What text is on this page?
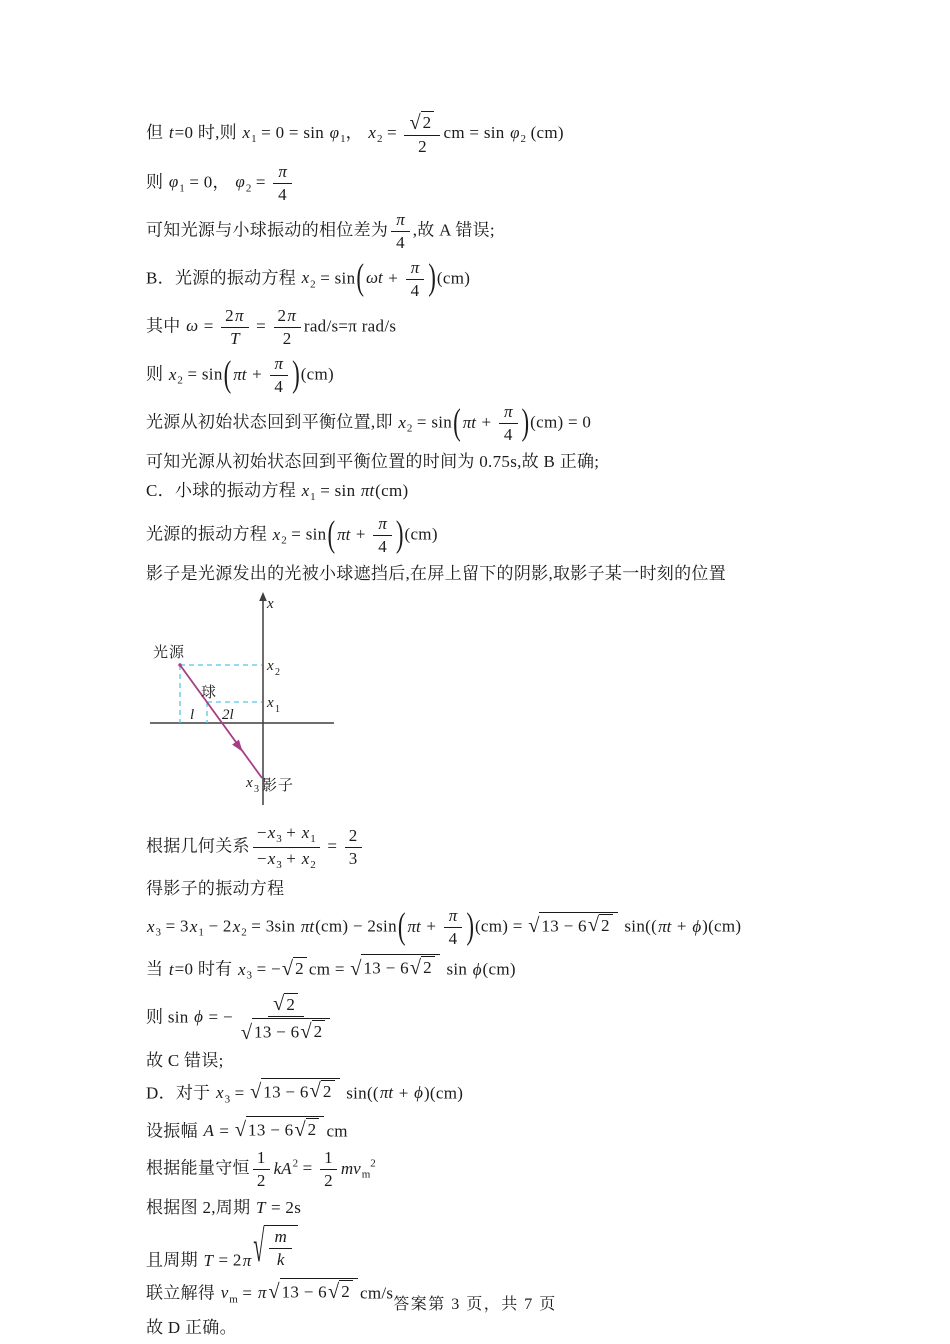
但 t=0 时,则 $x_1 = 0 = \sin \varphi_1$， $x_2 = \frac{√ 2}{2}$ cm = $\sin \varphi_2$ (cm)
则 $\varphi_1 = 0$， $\varphi_2 = \frac{\pi}{4}$
可知光源与小球振动的相位差为 $\frac{\pi}{4}$ ,故 A 错误;
B．光源的振动方程 $x_2 = \sin$( $\omega t + \frac{\pi}{4} )(cm)$
其中 $\omega = \frac{2\pi}{T} = \frac{2\pi}{2} rad/s=\pi$ rad/s
则 $x_2 = \sin$( $\pi t + \frac{\pi}{4} )(cm)$
光源从初始状态回到平衡位置,即 $x_2 = \sin$( $\pi t + \frac{\pi}{4} )(cm) = 0$
可知光源从初始状态回到平衡位置的时间为 0.75s,故 B 正确;
C．小球的振动方程 $x_1 = \sin \pi t(cm)$
光源的振动方程 $x_2 = \sin$( $\pi t + \frac{\pi}{4} )(cm)$
影子是光源发出的光被小球遮挡后,在屏上留下的阴影,取影子某一时刻的位置
光源
球
影子
x
x 2
x 1
x 3
l 2l
根据几何关系 $\frac{-x_3 + x_1}{-x_3 + x_2} = \frac{2}{3}$
得影子的振动方程
$x_3 = 3x_1 - 2x_2 = 3\sin$ πt(cm) − 2sin( $\pi t + \frac{\pi}{4} )(cm)$ = √ 13 − 6 √ 2 sin((πt + ϕ)(cm)
当 t=0 时有 $x_3$ = − √ 2 cm = √ 13 − 6 √ 2 sin ϕ(cm)
则 sin ϕ = − $\frac{√ 2}{√ 13 - 6 √ 2}$
故 C 错误;
D．对于 $x_3$ = √ 13 − 6 √ 2 sin((πt + ϕ)(cm)
设振幅 A = √ 13 − 6 √ 2 cm
根据能量守恒 $\frac{1}{2} kA^2 = \frac{1}{2} mv_m^2$
根据图 2,周期 T = 2s
且周期 T = 2π √ $\frac{m}{k}$
联立解得 $v_m = \pi$ √ 13 − 6 √ 2 cm/s
故 D 正确。
答案第 3 页，共 7 页
